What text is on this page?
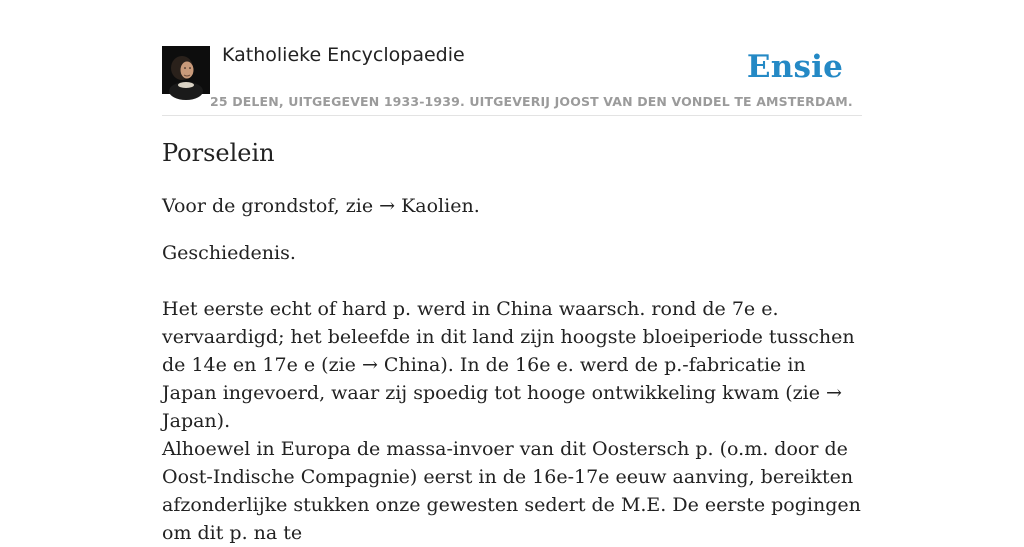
Katholieke Encyclopaedie	Ensie
25 DELEN, UITGEGEVEN 1933-1939. UITGEVERIJ JOOST VAN DEN VONDEL TE AMSTERDAM.
Porselein

Voor de grondstof, zie → Kaolien.

Geschiedenis.

Het eerste echt of hard p. werd in China waarsch. rond de 7e e. vervaardigd; het beleefde in dit land zijn hoogste bloeiperiode tusschen de 14e en 17e e (zie → China). In de 16e e. werd de p.-fabricatie in Japan ingevoerd, waar zij spoedig tot hooge ontwikkeling kwam (zie → Japan).

Alhoewel in Europa de massa-invoer van dit Oostersch p. (o.m. door de Oost-Indische Compagnie) eerst in de 16e-17e eeuw aanving, bereikten afzonderlijke stukken onze gewesten sedert de M.E. De eerste pogingen om dit p. na te
